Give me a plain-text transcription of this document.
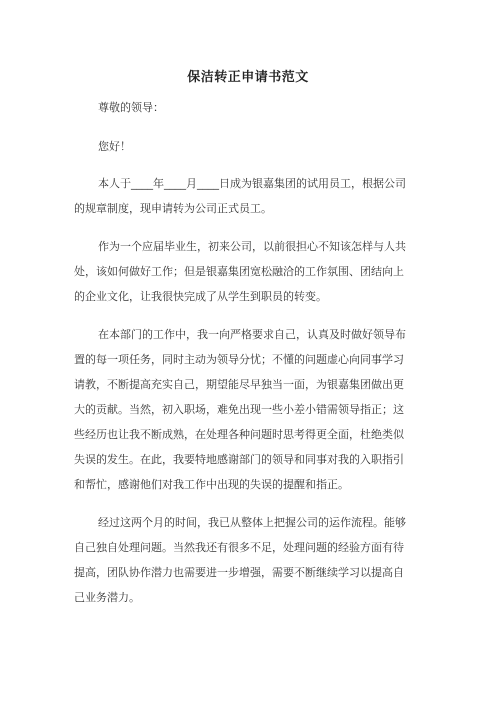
保洁转正申请书范文
尊敬的领导：
您好！
本人于____年____月____日成为银嘉集团的试用员工，根据公司
的规章制度，现申请转为公司正式员工。
作为一个应届毕业生，初来公司，以前很担心不知该怎样与人共
处，该如何做好工作；但是银嘉集团宽松融洽的工作氛围、团结向上
的企业文化，让我很快完成了从学生到职员的转变。
在本部门的工作中，我一向严格要求自己，认真及时做好领导布
置的每一项任务，同时主动为领导分忧；不懂的问题虚心向同事学习
请教，不断提高充实自己，期望能尽早独当一面，为银嘉集团做出更
大的贡献。当然，初入职场，难免出现一些小差小错需领导指正；这
些经历也让我不断成熟，在处理各种问题时思考得更全面，杜绝类似
失误的发生。在此，我要特地感谢部门的领导和同事对我的入职指引
和帮忙，感谢他们对我工作中出现的失误的提醒和指正。
经过这两个月的时间，我已从整体上把握公司的运作流程。能够
自己独自处理问题。当然我还有很多不足，处理问题的经验方面有待
提高，团队协作潜力也需要进一步增强，需要不断继续学习以提高自
己业务潜力。
